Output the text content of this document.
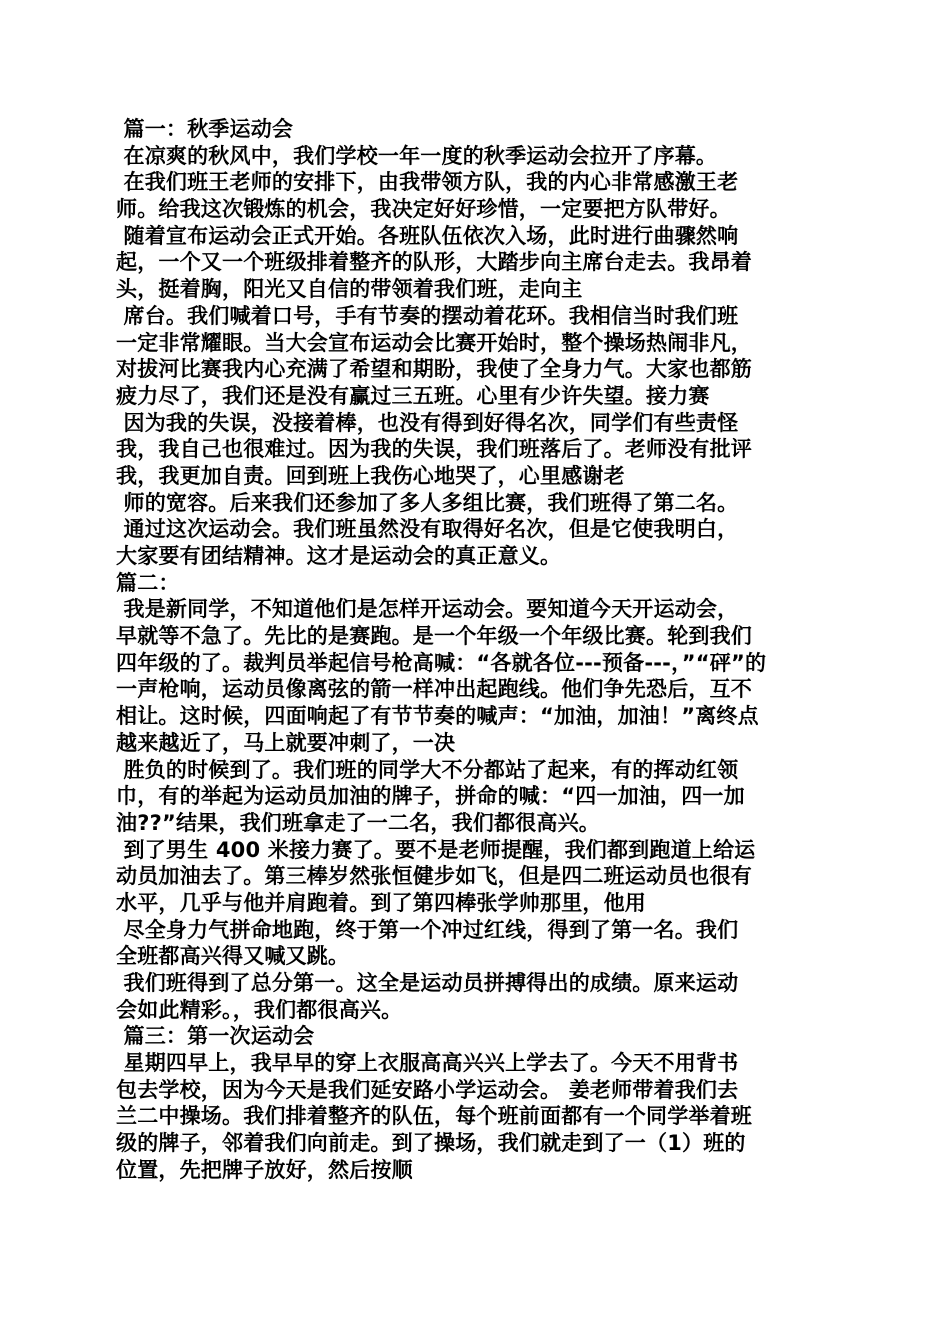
篇一：秋季运动会
在凉爽的秋风中，我们学校一年一度的秋季运动会拉开了序幕。
在我们班王老师的安排下，由我带领方队，我的内心非常感激王老
师。给我这次锻炼的机会，我决定好好珍惜，一定要把方队带好。
随着宣布运动会正式开始。各班队伍依次入场，此时进行曲骤然响
起，一个又一个班级排着整齐的队形，大踏步向主席台走去。我昂着
头，挺着胸，阳光又自信的带领着我们班，走向主
席台。我们喊着口号，手有节奏的摆动着花环。我相信当时我们班
一定非常耀眼。当大会宣布运动会比赛开始时，整个操场热闹非凡，
对拔河比赛我内心充满了希望和期盼，我使了全身力气。大家也都筋
疲力尽了，我们还是没有赢过三五班。心里有少许失望。接力赛
因为我的失误，没接着棒，也没有得到好得名次，同学们有些责怪
我，我自己也很难过。因为我的失误，我们班落后了。老师没有批评
我，我更加自责。回到班上我伤心地哭了，心里感谢老
师的宽容。后来我们还参加了多人多组比赛，我们班得了第二名。
通过这次运动会。我们班虽然没有取得好名次，但是它使我明白，
大家要有团结精神。这才是运动会的真正意义。
篇二：
我是新同学，不知道他们是怎样开运动会。要知道今天开运动会，
早就等不急了。先比的是赛跑。是一个年级一个年级比赛。轮到我们
四年级的了。裁判员举起信号枪高喊：“各就各位---预备---，”“砰”的
一声枪响，运动员像离弦的箭一样冲出起跑线。他们争先恐后，互不
相让。这时候，四面响起了有节节奏的喊声：“加油，加油！”离终点
越来越近了，马上就要冲刺了，一决
胜负的时候到了。我们班的同学大不分都站了起来，有的挥动红领
巾，有的举起为运动员加油的牌子，拼命的喊：“四一加油，四一加
油??”结果，我们班拿走了一二名，我们都很高兴。
到了男生 400 米接力赛了。要不是老师提醒，我们都到跑道上给运
动员加油去了。第三棒岁然张恒健步如飞，但是四二班运动员也很有
水平，几乎与他并肩跑着。到了第四棒张学帅那里，他用
尽全身力气拼命地跑，终于第一个冲过红线，得到了第一名。我们
全班都高兴得又喊又跳。
我们班得到了总分第一。这全是运动员拼搏得出的成绩。原来运动
会如此精彩。，我们都很高兴。
篇三：第一次运动会
星期四早上，我早早的穿上衣服高高兴兴上学去了。今天不用背书
包去学校，因为今天是我们延安路小学运动会。 姜老师带着我们去
兰二中操场。我们排着整齐的队伍，每个班前面都有一个同学举着班
级的牌子，邻着我们向前走。到了操场，我们就走到了一（1）班的
位置，先把牌子放好，然后按顺
